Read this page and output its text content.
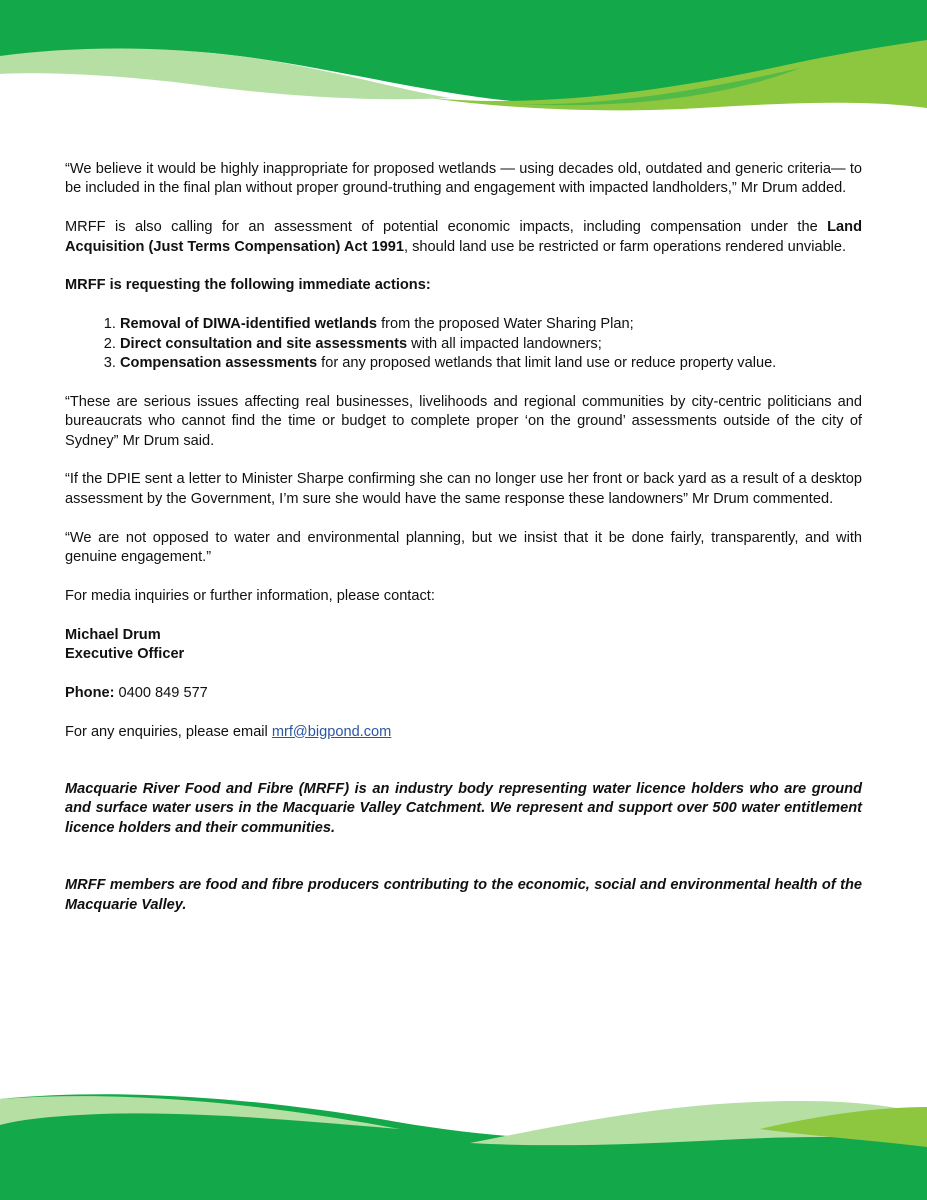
“We believe it would be highly inappropriate for proposed wetlands — using decades old, outdated and generic criteria— to be included in the final plan without proper ground-truthing and engagement with impacted landholders,” Mr Drum added.

MRFF is also calling for an assessment of potential economic impacts, including compensation under the Land Acquisition (Just Terms Compensation) Act 1991, should land use be restricted or farm operations rendered unviable.

MRFF is requesting the following immediate actions:

1. Removal of DIWA-identified wetlands from the proposed Water Sharing Plan;
2. Direct consultation and site assessments with all impacted landowners;
3. Compensation assessments for any proposed wetlands that limit land use or reduce property value.

“These are serious issues affecting real businesses, livelihoods and regional communities by city-centric politicians and bureaucrats who cannot find the time or budget to complete proper ‘on the ground’ assessments outside of the city of Sydney” Mr Drum said.

“If the DPIE sent a letter to Minister Sharpe confirming she can no longer use her front or back yard as a result of a desktop assessment by the Government, I’m sure she would have the same response these landowners” Mr Drum commented.

“We are not opposed to water and environmental planning, but we insist that it be done fairly, transparently, and with genuine engagement.”

For media inquiries or further information, please contact:

Michael Drum
Executive Officer

Phone: 0400 849 577

For any enquiries, please email mrf@bigpond.com

Macquarie River Food and Fibre (MRFF) is an industry body representing water licence holders who are ground and surface water users in the Macquarie Valley Catchment. We represent and support over 500 water entitlement licence holders and their communities.

MRFF members are food and fibre producers contributing to the economic, social and environmental health of the Macquarie Valley.
